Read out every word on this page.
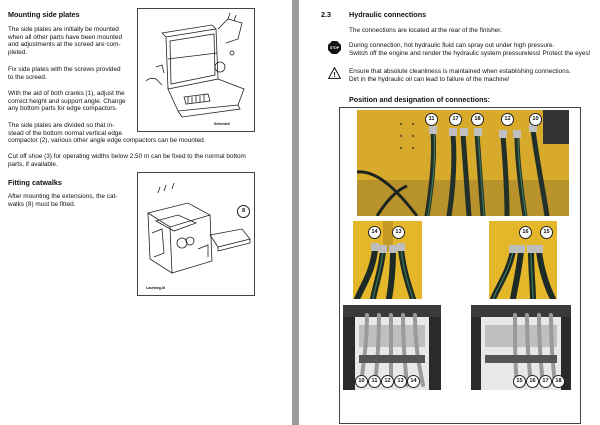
Mounting side plates
The side plates are initially be mounted
when all other parts have been mounted
and adjustments at the screed are com-
pleted.
Fix side plates with the screws provided
to the screed.
With the aid of both cranks (1), adjust the
correct height and support angle. Change
any bottom parts for edge compactors.
The side plates are divided so that in-
stead of the bottom normal vertical edge
compactor (2), various other angle edge compactors can be mounted.
Cut off shoe (3) for operating widths below 2.50 m can be fixed to the normal bottom
parts, if available.
Fitting catwalks
After mounting the extensions, the cat-
walks (8) must be fitted.
Seitenteil
8
Laufsteg-III
2.3	Hydraulic connections
The connections are located at the rear of the finisher.
STOP During connection, hot hydraulic fluid can spray out under high pressure.
Switch off the engine and render the hydraulic system pressureless! Protect the eyes!
!
Ensure that absolute cleanliness is maintained when establishing connections.
Dirt in the hydraulic oil can lead to failure of the machine!
Position and designation of connections:
11	17	18	12	10
14	13	16	15
10	11	12	13	14	15	16	17	18
